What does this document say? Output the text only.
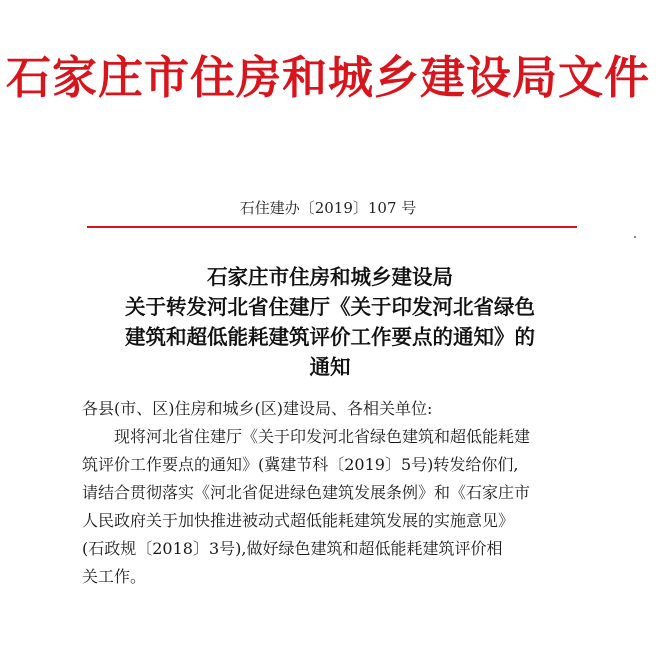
石家庄市住房和城乡建设局文件
石住建办〔2019〕107 号
石家庄市住房和城乡建设局
关于转发河北省住建厅《关于印发河北省绿色
建筑和超低能耗建筑评价工作要点的通知》的
通知
各县(市、区)住房和城乡(区)建设局、各相关单位:
现将河北省住建厅《关于印发河北省绿色建筑和超低能耗建
筑评价工作要点的通知》(冀建节科〔2019〕5号)转发给你们,
请结合贯彻落实《河北省促进绿色建筑发展条例》和《石家庄市
人民政府关于加快推进被动式超低能耗建筑发展的实施意见》
(石政规〔2018〕3号),做好绿色建筑和超低能耗建筑评价相
关工作。
